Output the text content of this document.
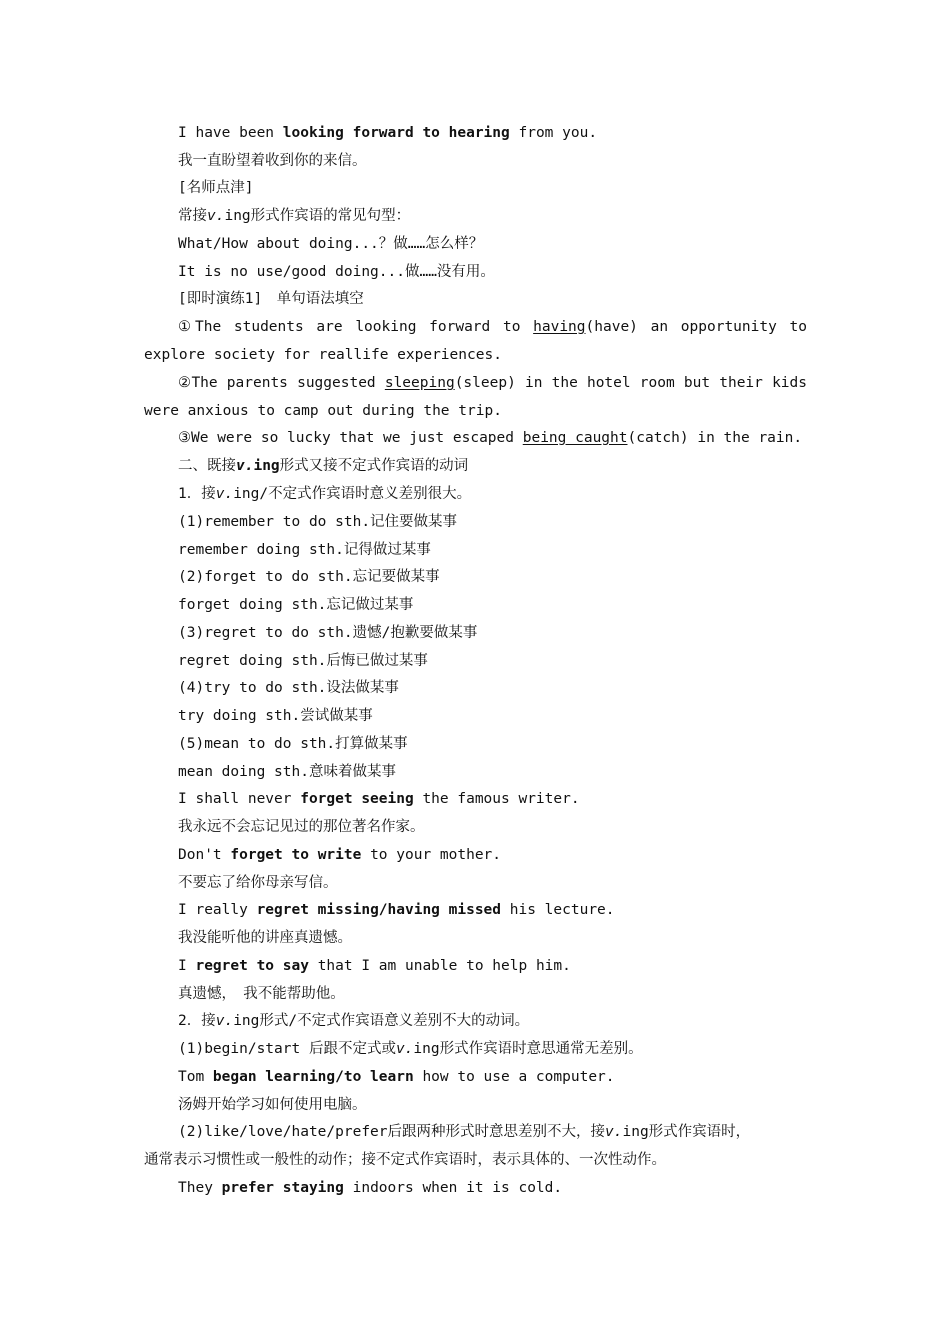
I have been looking forward to hearing from you.
我一直盼望着收到你的来信。
[名师点津]
常接v.ing形式作宾语的常见句型：
What/How about doing...？做……怎么样？
It is no use/good doing...做……没有用。
[即时演练1]　单句语法填空
①The students are looking forward to having(have) an opportunity to
explore society for reallife experiences.
②The parents suggested sleeping(sleep) in the hotel room but their kids
were anxious to camp out during the trip.
③We were so lucky that we just escaped being caught(catch) in the rain.
二、既接v.ing形式又接不定式作宾语的动词
1．接v.ing/不定式作宾语时意义差别很大。
(1)remember to do sth.记住要做某事
remember doing sth.记得做过某事
(2)forget to do sth.忘记要做某事
forget doing sth.忘记做过某事
(3)regret to do sth.遗憾/抱歉要做某事
regret doing sth.后悔已做过某事
(4)try to do sth.设法做某事
try doing sth.尝试做某事
(5)mean to do sth.打算做某事
mean doing sth.意味着做某事
I shall never forget seeing the famous writer.
我永远不会忘记见过的那位著名作家。
Don't forget to write to your mother.
不要忘了给你母亲写信。
I really regret missing/having missed his lecture.
我没能听他的讲座真遗憾。
I regret to say that I am unable to help him.
真遗憾，　我不能帮助他。
2．接v.ing形式/不定式作宾语意义差别不大的动词。
(1)begin/start 后跟不定式或v.ing形式作宾语时意思通常无差别。
Tom began learning/to learn how to use a computer.
汤姆开始学习如何使用电脑。
(2)like/love/hate/prefer后跟两种形式时意思差别不大，接v.ing形式作宾语时，
通常表示习惯性或一般性的动作；接不定式作宾语时，表示具体的、一次性动作。
They prefer staying indoors when it is cold.
